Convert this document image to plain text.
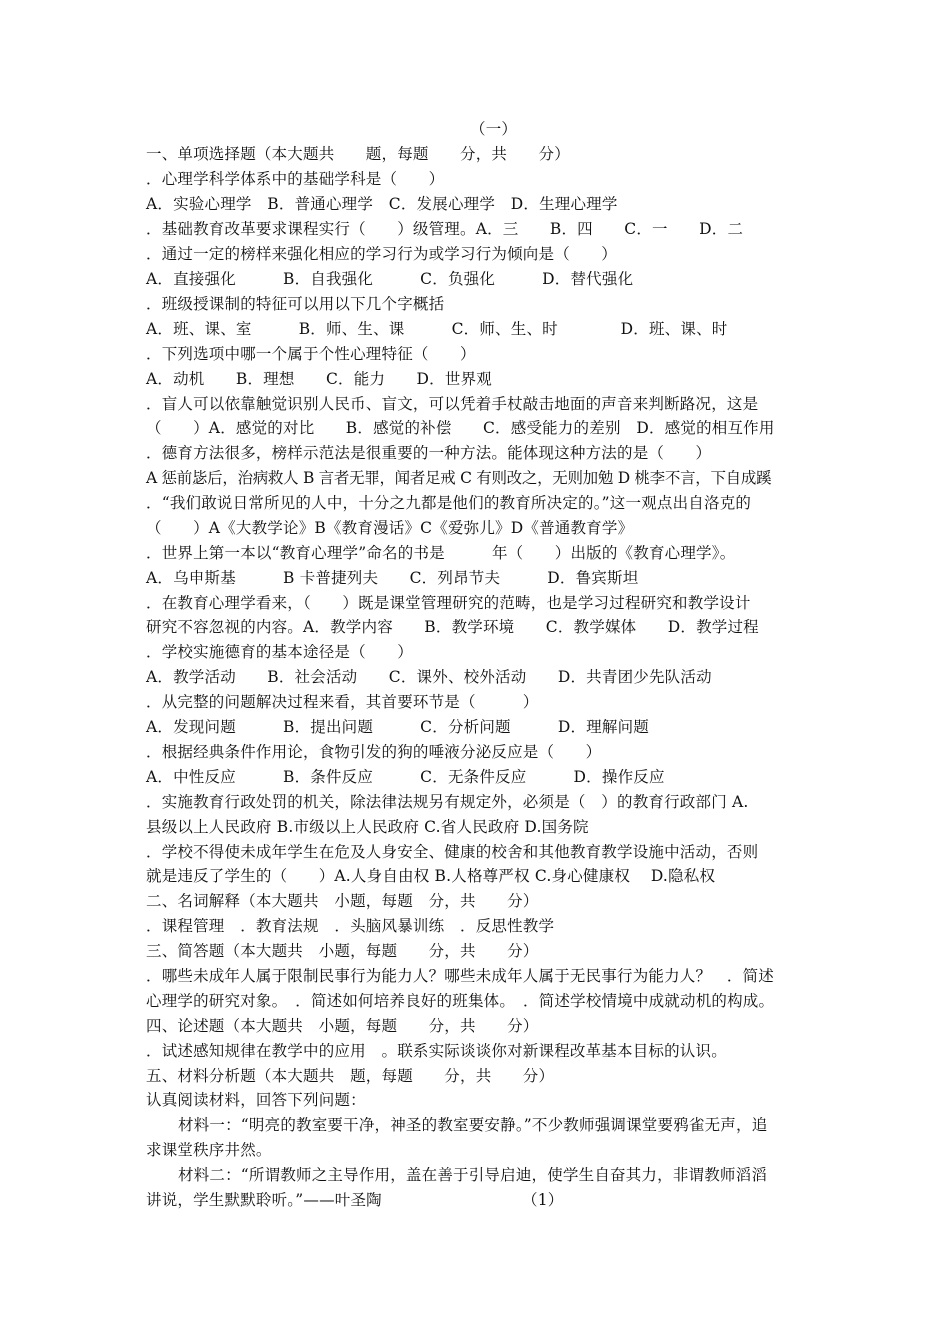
（一）
一、单项选择题（本大题共　　题，每题　　分，共　　分）
．心理学科学体系中的基础学科是（　　）
A．实验心理学　B．普通心理学　C．发展心理学　D．生理心理学
．基础教育改革要求课程实行（　　）级管理。A．三　　B．四　　C．一　　D．二
．通过一定的榜样来强化相应的学习行为或学习行为倾向是（　　）
A．直接强化　　　B．自我强化　　　C．负强化　　　D．替代强化
．班级授课制的特征可以用以下几个字概括
A．班、课、室　　　B．师、生、课　　　C．师、生、时　　　　D．班、课、时
．下列选项中哪一个属于个性心理特征（　　）
A．动机　　B．理想　　C．能力　　D．世界观
．盲人可以依靠触觉识别人民币、盲文，可以凭着手杖敲击地面的声音来判断路况，这是
（　　）A．感觉的对比　　B．感觉的补偿　　C．感受能力的差别　D．感觉的相互作用
．德育方法很多，榜样示范法是很重要的一种方法。能体现这种方法的是（　　）
A 惩前毖后，治病救人 B 言者无罪，闻者足戒 C 有则改之，无则加勉 D 桃李不言，下自成蹊
．“我们敢说日常所见的人中，十分之九都是他们的教育所决定的。”这一观点出自洛克的
（　　）A《大教学论》B《教育漫话》C《爱弥儿》D《普通教育学》
．世界上第一本以“教育心理学”命名的书是　　　年（　　）出版的《教育心理学》。
A．乌申斯基　　　B 卡普捷列夫　　C．列昂节夫　　　D．鲁宾斯坦
．在教育心理学看来，（　　）既是课堂管理研究的范畴，也是学习过程研究和教学设计
研究不容忽视的内容。A．教学内容　　B．教学环境　　C．教学媒体　　D．教学过程
．学校实施德育的基本途径是（　　）
A．教学活动　　B．社会活动　　C．课外、校外活动　　D．共青团少先队活动
．从完整的问题解决过程来看，其首要环节是（　　　）
A．发现问题　　　B．提出问题　　　C．分析问题　　　D．理解问题
．根据经典条件作用论，食物引发的狗的唾液分泌反应是（　　）
A．中性反应　　　B．条件反应　　　C．无条件反应　　　D．操作反应
．实施教育行政处罚的机关，除法律法规另有规定外，必须是（　）的教育行政部门 A.
县级以上人民政府 B.市级以上人民政府 C.省人民政府 D.国务院
．学校不得使未成年学生在危及人身安全、健康的校舍和其他教育教学设施中活动，否则
就是违反了学生的（　　）A.人身自由权 B.人格尊严权 C.身心健康权　 D.隐私权
二、名词解释（本大题共　小题，每题　分，共　　分）
．课程管理　．教育法规　．头脑风暴训练　．反思性教学
三、简答题（本大题共　小题，每题　　分，共　　分）
．哪些未成年人属于限制民事行为能力人？哪些未成年人属于无民事行为能力人？　．简述
心理学的研究对象。　．简述如何培养良好的班集体。　．简述学校情境中成就动机的构成。
四、论述题（本大题共　小题，每题　　分，共　　分）
．试述感知规律在教学中的应用　。联系实际谈谈你对新课程改革基本目标的认识。
五、材料分析题（本大题共　题，每题　　分，共　　分）
认真阅读材料，回答下列问题：
材料一：“明亮的教室要干净，神圣的教室要安静。”不少教师强调课堂要鸦雀无声，追
求课堂秩序井然。
材料二：“所谓教师之主导作用，盖在善于引导启迪，使学生自奋其力，非谓教师滔滔
讲说，学生默默聆听。”——叶圣陶	（1）
